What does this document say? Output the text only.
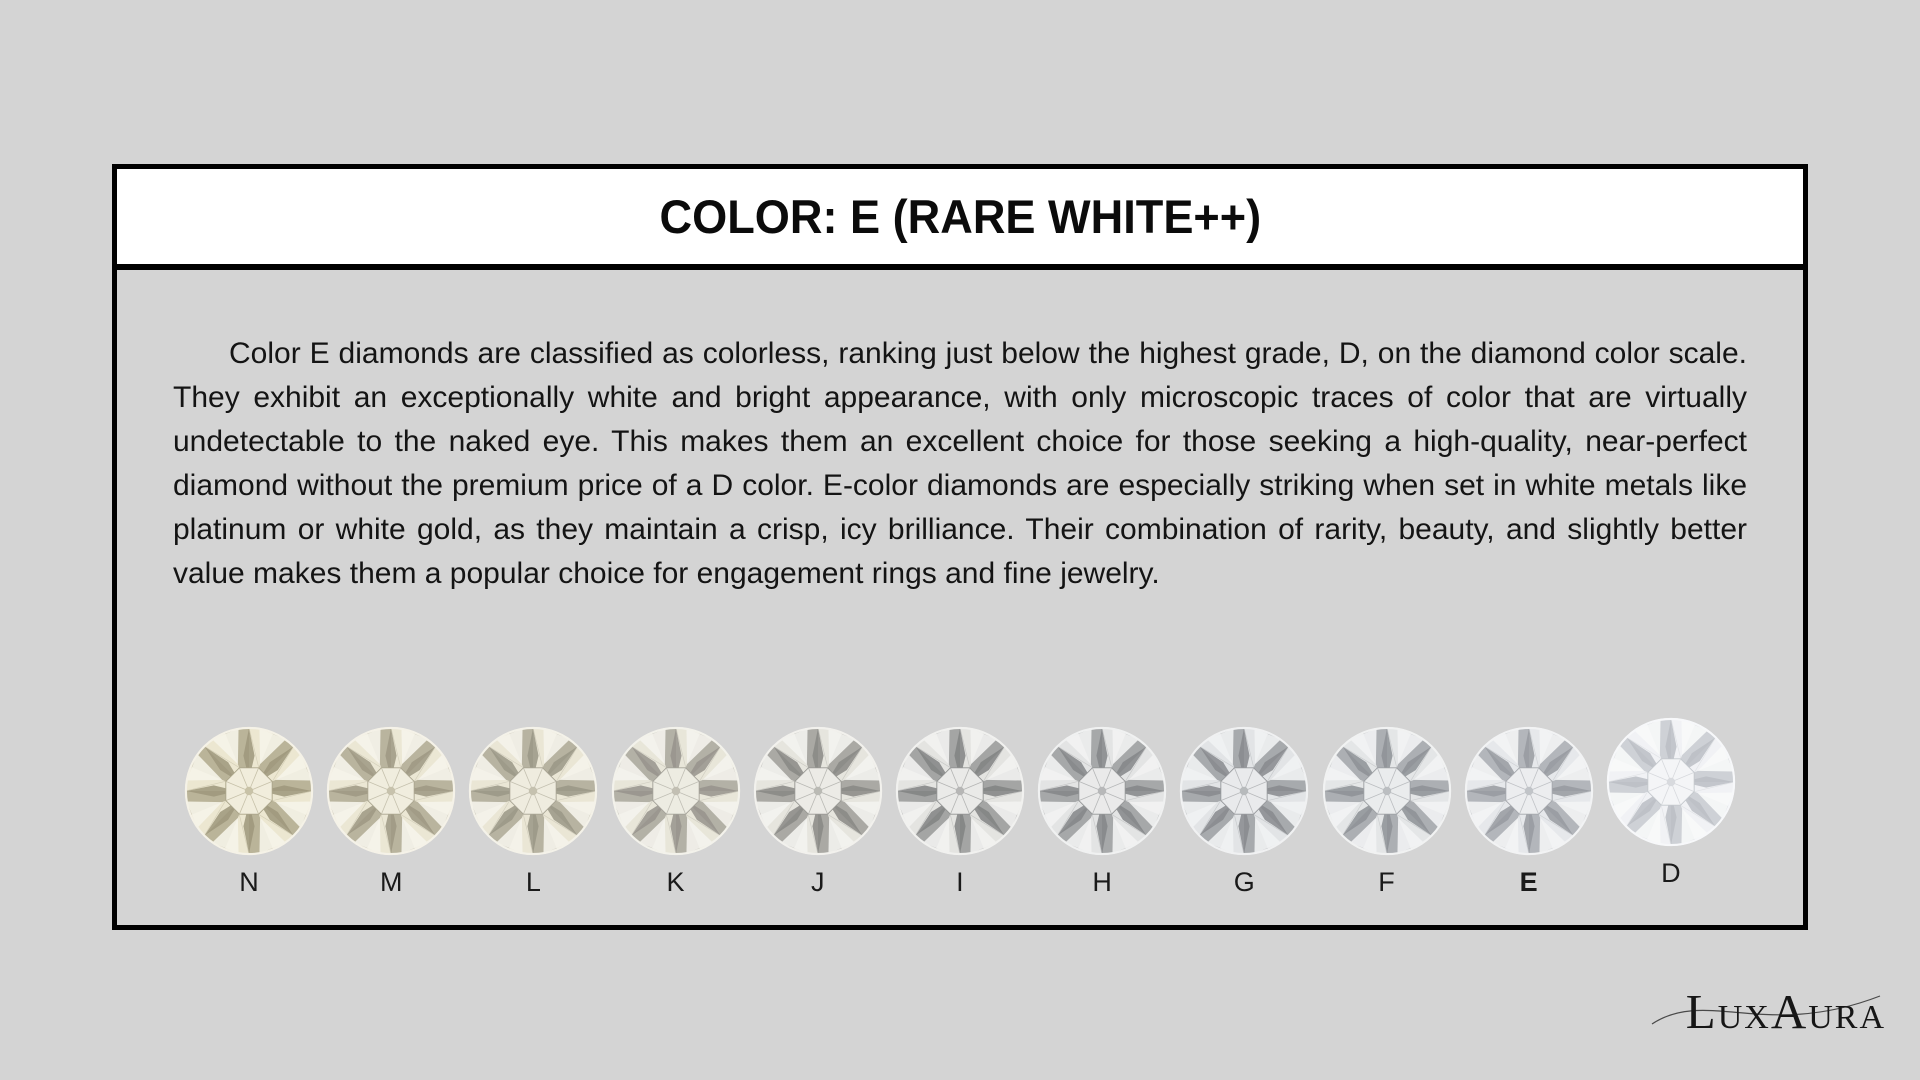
COLOR: E (RARE WHITE++)

Color E diamonds are classified as colorless, ranking just below the highest grade, D, on the diamond color scale. They exhibit an exceptionally white and bright appearance, with only microscopic traces of color that are virtually undetectable to the naked eye. This makes them an excellent choice for those seeking a high-quality, near-perfect diamond without the premium price of a D color. E-color diamonds are especially striking when set in white metals like platinum or white gold, as they maintain a crisp, icy brilliance. Their combination of rarity, beauty, and slightly better value makes them a popular choice for engagement rings and fine jewelry.

N	M	L	K	J	I	H	G	F	E	D
LuxAura
